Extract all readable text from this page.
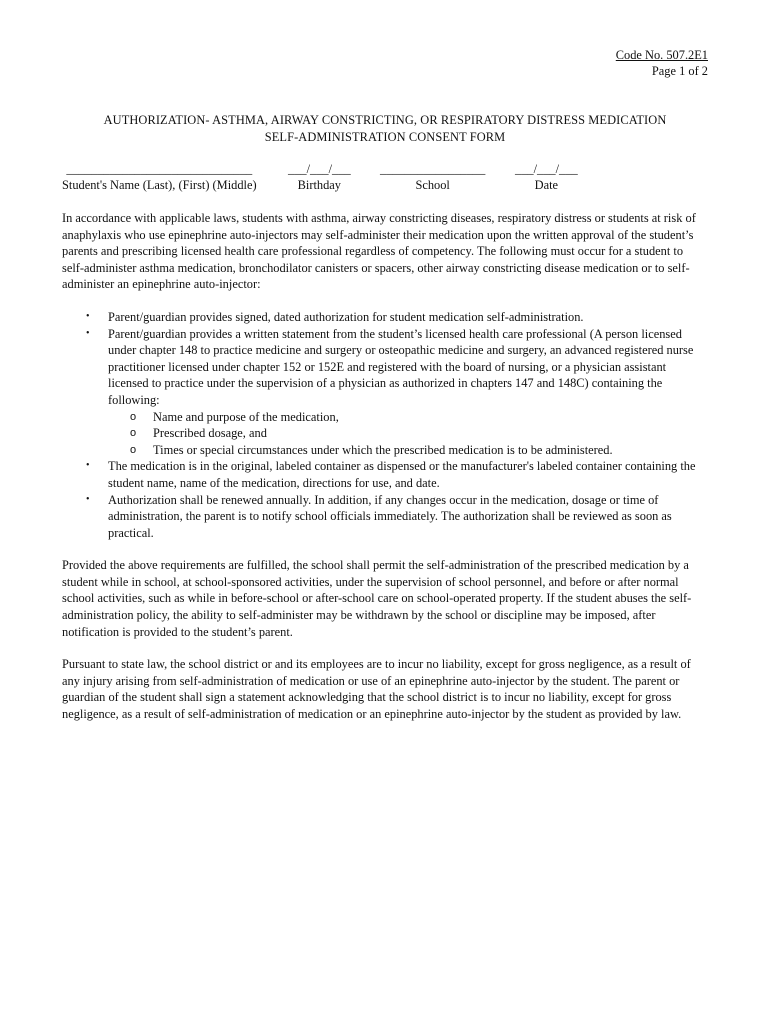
Code No. 507.2E1
Page 1 of 2
AUTHORIZATION- ASTHMA, AIRWAY CONSTRICTING, OR RESPIRATORY DISTRESS MEDICATION
SELF-ADMINISTRATION CONSENT FORM
______________________________
Student's Name (Last), (First) (Middle)
___/___/___
Birthday
_________________
School
___/___/___
Date

In accordance with applicable laws, students with asthma, airway constricting diseases, respiratory distress or students at risk of anaphylaxis who use epinephrine auto-injectors may self-administer their medication upon the written approval of the student’s parents and prescribing licensed health care professional regardless of competency. The following must occur for a student to self-administer asthma medication, bronchodilator canisters or spacers, other airway constricting disease medication or to self-administer an epinephrine auto-injector:

• Parent/guardian provides signed, dated authorization for student medication self-administration.
• Parent/guardian provides a written statement from the student’s licensed health care professional (A person licensed under chapter 148 to practice medicine and surgery or osteopathic medicine and surgery, an advanced registered nurse practitioner licensed under chapter 152 or 152E and registered with the board of nursing, or a physician assistant licensed to practice under the supervision of a physician as authorized in chapters 147 and 148C) containing the following:
o Name and purpose of the medication,
o Prescribed dosage, and
o Times or special circumstances under which the prescribed medication is to be administered.
• The medication is in the original, labeled container as dispensed or the manufacturer's labeled container containing the student name, name of the medication, directions for use, and date.
• Authorization shall be renewed annually. In addition, if any changes occur in the medication, dosage or time of administration, the parent is to notify school officials immediately. The authorization shall be reviewed as soon as practical.

Provided the above requirements are fulfilled, the school shall permit the self-administration of the prescribed medication by a student while in school, at school-sponsored activities, under the supervision of school personnel, and before or after normal school activities, such as while in before-school or after-school care on school-operated property. If the student abuses the self-administration policy, the ability to self-administer may be withdrawn by the school or discipline may be imposed, after notification is provided to the student’s parent.

Pursuant to state law, the school district or and its employees are to incur no liability, except for gross negligence, as a result of any injury arising from self-administration of medication or use of an epinephrine auto-injector by the student. The parent or guardian of the student shall sign a statement acknowledging that the school district is to incur no liability, except for gross negligence, as a result of self-administration of medication or an epinephrine auto-injector by the student as provided by law.
